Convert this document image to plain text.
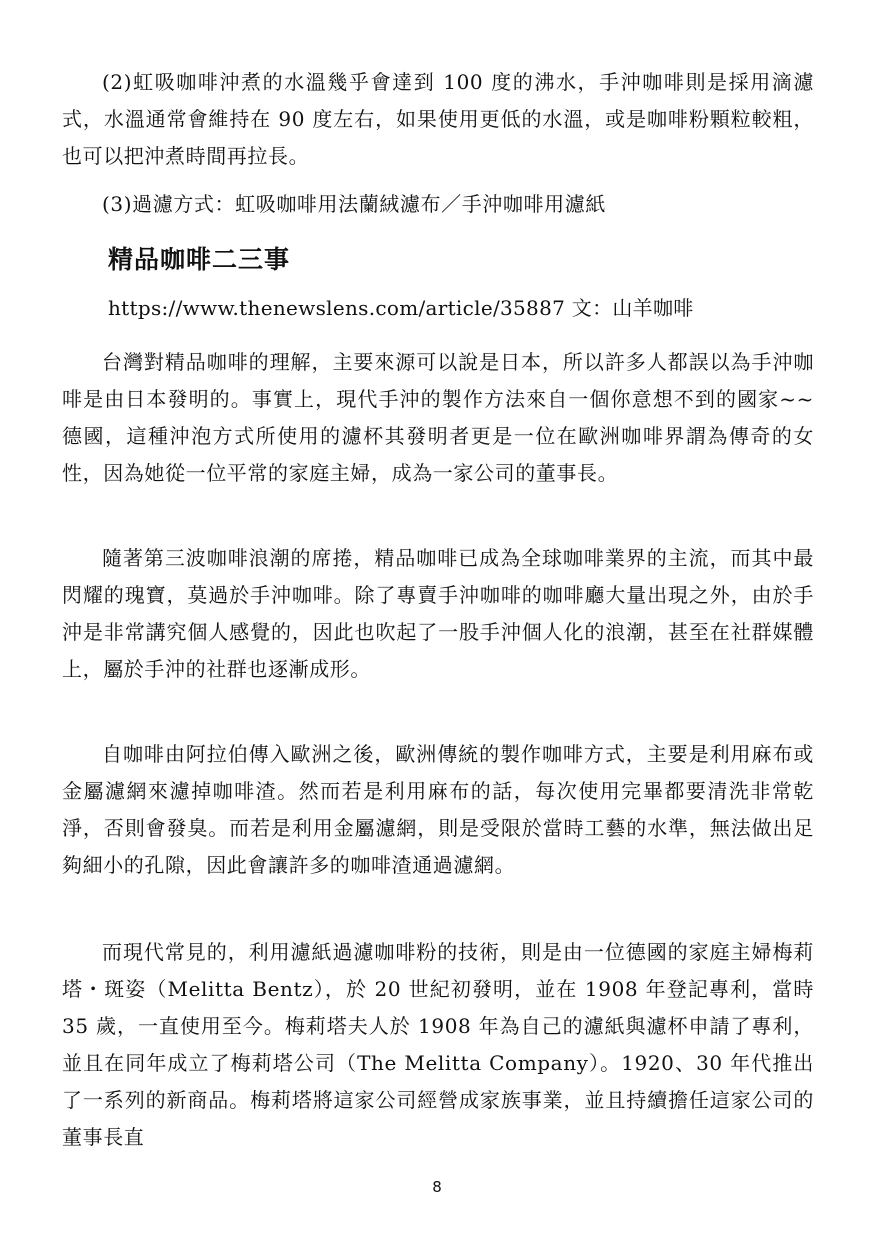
(2)虹吸咖啡沖煮的水溫幾乎會達到 100 度的沸水，手沖咖啡則是採用滴濾式，水溫通常會維持在 90 度左右，如果使用更低的水溫，或是咖啡粉顆粒較粗，也可以把沖煮時間再拉長。

(3)過濾方式：虹吸咖啡用法蘭絨濾布／手沖咖啡用濾紙

精品咖啡二三事

https://www.thenewslens.com/article/35887 文：山羊咖啡

台灣對精品咖啡的理解，主要來源可以說是日本，所以許多人都誤以為手沖咖啡是由日本發明的。事實上，現代手沖的製作方法來自一個你意想不到的國家~~德國，這種沖泡方式所使用的濾杯其發明者更是一位在歐洲咖啡界謂為傳奇的女性，因為她從一位平常的家庭主婦，成為一家公司的董事長。

隨著第三波咖啡浪潮的席捲，精品咖啡已成為全球咖啡業界的主流，而其中最閃耀的瑰寶，莫過於手沖咖啡。除了專賣手沖咖啡的咖啡廳大量出現之外，由於手沖是非常講究個人感覺的，因此也吹起了一股手沖個人化的浪潮，甚至在社群媒體上，屬於手沖的社群也逐漸成形。

自咖啡由阿拉伯傳入歐洲之後，歐洲傳統的製作咖啡方式，主要是利用麻布或金屬濾網來濾掉咖啡渣。然而若是利用麻布的話，每次使用完畢都要清洗非常乾淨，否則會發臭。而若是利用金屬濾網，則是受限於當時工藝的水準，無法做出足夠細小的孔隙，因此會讓許多的咖啡渣通過濾網。

而現代常見的，利用濾紙過濾咖啡粉的技術，則是由一位德國的家庭主婦梅莉塔・斑姿（Melitta Bentz），於 20 世紀初發明，並在 1908 年登記專利，當時35 歲，一直使用至今。梅莉塔夫人於 1908 年為自己的濾紙與濾杯申請了專利，並且在同年成立了梅莉塔公司（The Melitta Company）。1920、30 年代推出了一系列的新商品。梅莉塔將這家公司經營成家族事業，並且持續擔任這家公司的董事長直

8
